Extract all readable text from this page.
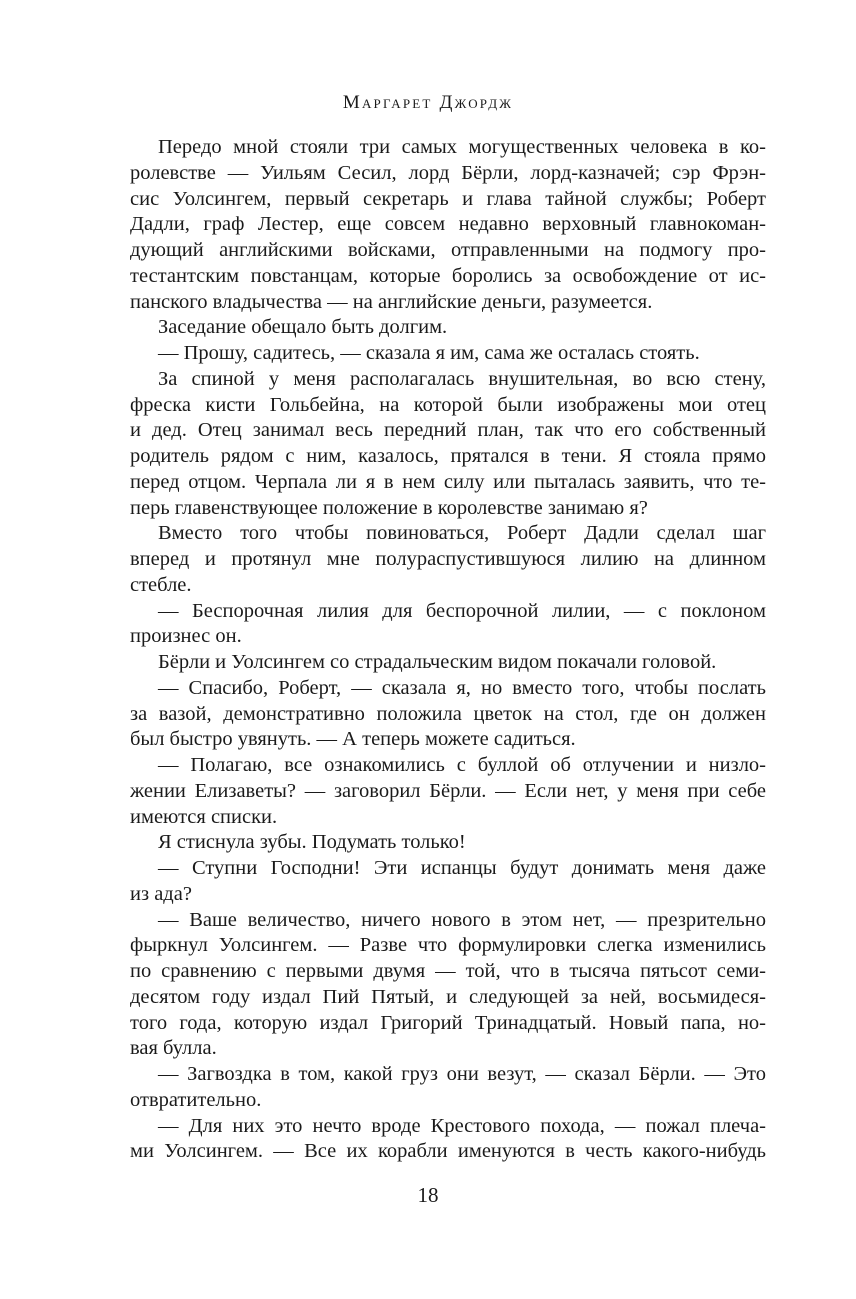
Маргарет Джордж
Передо мной стояли три самых могущественных человека в ко-
ролевстве — Уильям Сесил, лорд Бёрли, лорд-казначей; сэр Фрэн-
сис Уолсингем, первый секретарь и глава тайной службы; Роберт
Дадли, граф Лестер, еще совсем недавно верховный главнокоман-
дующий английскими войсками, отправленными на подмогу про-
тестантским повстанцам, которые боролись за освобождение от ис-
панского владычества — на английские деньги, разумеется.
Заседание обещало быть долгим.
— Прошу, садитесь, — сказала я им, сама же осталась стоять.
За спиной у меня располагалась внушительная, во всю стену,
фреска кисти Гольбейна, на которой были изображены мои отец
и дед. Отец занимал весь передний план, так что его собственный
родитель рядом с ним, казалось, прятался в тени. Я стояла прямо
перед отцом. Черпала ли я в нем силу или пыталась заявить, что те-
перь главенствующее положение в королевстве занимаю я?
Вместо того чтобы повиноваться, Роберт Дадли сделал шаг
вперед и протянул мне полураспустившуюся лилию на длинном
стебле.
— Беспорочная лилия для беспорочной лилии, — с поклоном
произнес он.
Бёрли и Уолсингем со страдальческим видом покачали головой.
— Спасибо, Роберт, — сказала я, но вместо того, чтобы послать
за вазой, демонстративно положила цветок на стол, где он должен
был быстро увянуть. — А теперь можете садиться.
— Полагаю, все ознакомились с буллой об отлучении и низло-
жении Елизаветы? — заговорил Бёрли. — Если нет, у меня при себе
имеются списки.
Я стиснула зубы. Подумать только!
— Ступни Господни! Эти испанцы будут донимать меня даже
из ада?
— Ваше величество, ничего нового в этом нет, — презрительно
фыркнул Уолсингем. — Разве что формулировки слегка изменились
по сравнению с первыми двумя — той, что в тысяча пятьсот семи-
десятом году издал Пий Пятый, и следующей за ней, восьмидеся-
того года, которую издал Григорий Тринадцатый. Новый папа, но-
вая булла.
— Загвоздка в том, какой груз они везут, — сказал Бёрли. — Это
отвратительно.
— Для них это нечто вроде Крестового похода, — пожал плеча-
ми Уолсингем. — Все их корабли именуются в честь какого-нибудь
18
